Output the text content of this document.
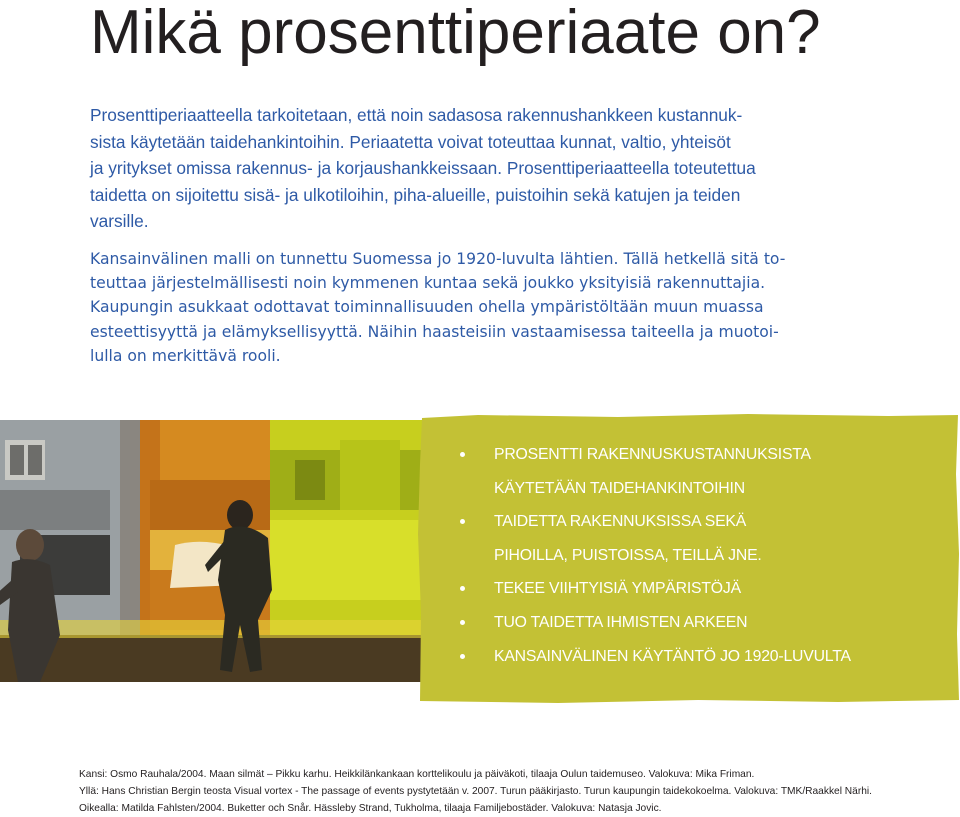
Mikä prosenttiperiaate on?
Prosenttiperiaatteella tarkoitetaan, että noin sadasosa rakennushankkeen kustannuk-
sista käytetään taidehankintoihin. Periaatetta voivat toteuttaa kunnat, valtio, yhteisöt
ja yritykset omissa rakennus- ja korjaushankkeissaan. Prosenttiperiaatteella toteutettua
taidetta on sijoitettu sisä- ja ulkotiloihin, piha-alueille, puistoihin sekä katujen ja teiden
varsille.
Kansainvälinen malli on tunnettu Suomessa jo 1920-luvulta lähtien. Tällä hetkellä sitä to-
teuttaa järjestelmällisesti noin kymmenen kuntaa sekä joukko yksityisiä rakennuttajia.
Kaupungin asukkaat odottavat toiminnallisuuden ohella ympäristöltään muun muassa
esteettisyyttä ja elämyksellisyyttä. Näihin haasteisiin vastaamisessa taiteella ja muotoi-
lulla on merkittävä rooli.
PROSENTTI RAKENNUSKUSTANNUKSISTA
KÄYTETÄÄN TAIDEHANKINTOIHIN
TAIDETTA RAKENNUKSISSA SEKÄ
PIHOILLA, PUISTOISSA, TEILLÄ JNE.
TEKEE VIIHTYISIÄ YMPÄRISTÖJÄ
TUO TAIDETTA IHMISTEN ARKEEN
KANSAINVÄLINEN KÄYTÄNTÖ JO 1920-LUVULTA
Kansi: Osmo Rauhala/2004. Maan silmät – Pikku karhu. Heikkilänkankaan korttelikoulu ja päiväkoti, tilaaja Oulun taidemuseo. Valokuva: Mika Friman.
Yllä: Hans Christian Bergin teosta Visual vortex - The passage of events pystytetään v. 2007. Turun pääkirjasto. Turun kaupungin taidekokoelma. Valokuva: TMK/Raakkel Närhi.
Oikealla: Matilda Fahlsten/2004. Buketter och Snår. Hässleby Strand, Tukholma, tilaaja Familjebostäder. Valokuva: Natasja Jovic.
